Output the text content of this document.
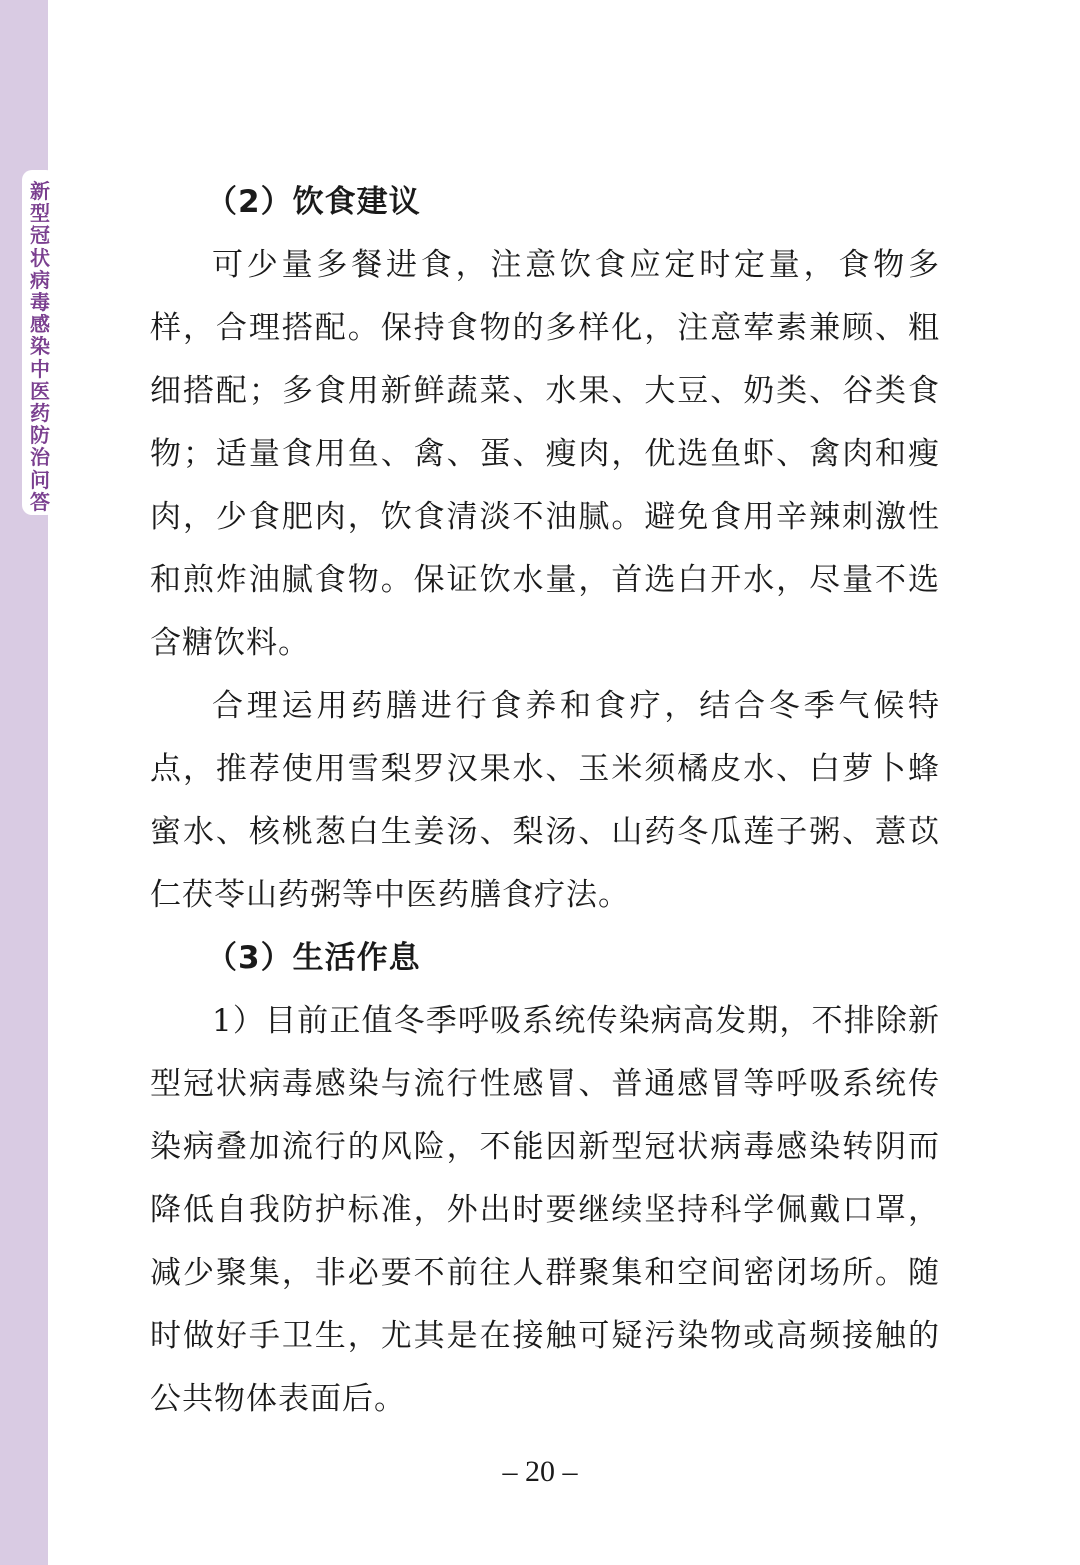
新型冠状病毒感染中医药防治问答
（2）饮食建议

可少量多餐进食，注意饮食应定时定量，食物多样，合理搭配。保持食物的多样化，注意荤素兼顾、粗细搭配；多食用新鲜蔬菜、水果、大豆、奶类、谷类食物；适量食用鱼、禽、蛋、瘦肉，优选鱼虾、禽肉和瘦肉，少食肥肉，饮食清淡不油腻。避免食用辛辣刺激性和煎炸油腻食物。保证饮水量，首选白开水，尽量不选含糖饮料。

合理运用药膳进行食养和食疗，结合冬季气候特点，推荐使用雪梨罗汉果水、玉米须橘皮水、白萝卜蜂蜜水、核桃葱白生姜汤、梨汤、山药冬瓜莲子粥、薏苡仁茯苓山药粥等中医药膳食疗法。

（3）生活作息

1）目前正值冬季呼吸系统传染病高发期，不排除新型冠状病毒感染与流行性感冒、普通感冒等呼吸系统传染病叠加流行的风险，不能因新型冠状病毒感染转阴而降低自我防护标准，外出时要继续坚持科学佩戴口罩，减少聚集，非必要不前往人群聚集和空间密闭场所。随时做好手卫生，尤其是在接触可疑污染物或高频接触的公共物体表面后。

– 20 –
